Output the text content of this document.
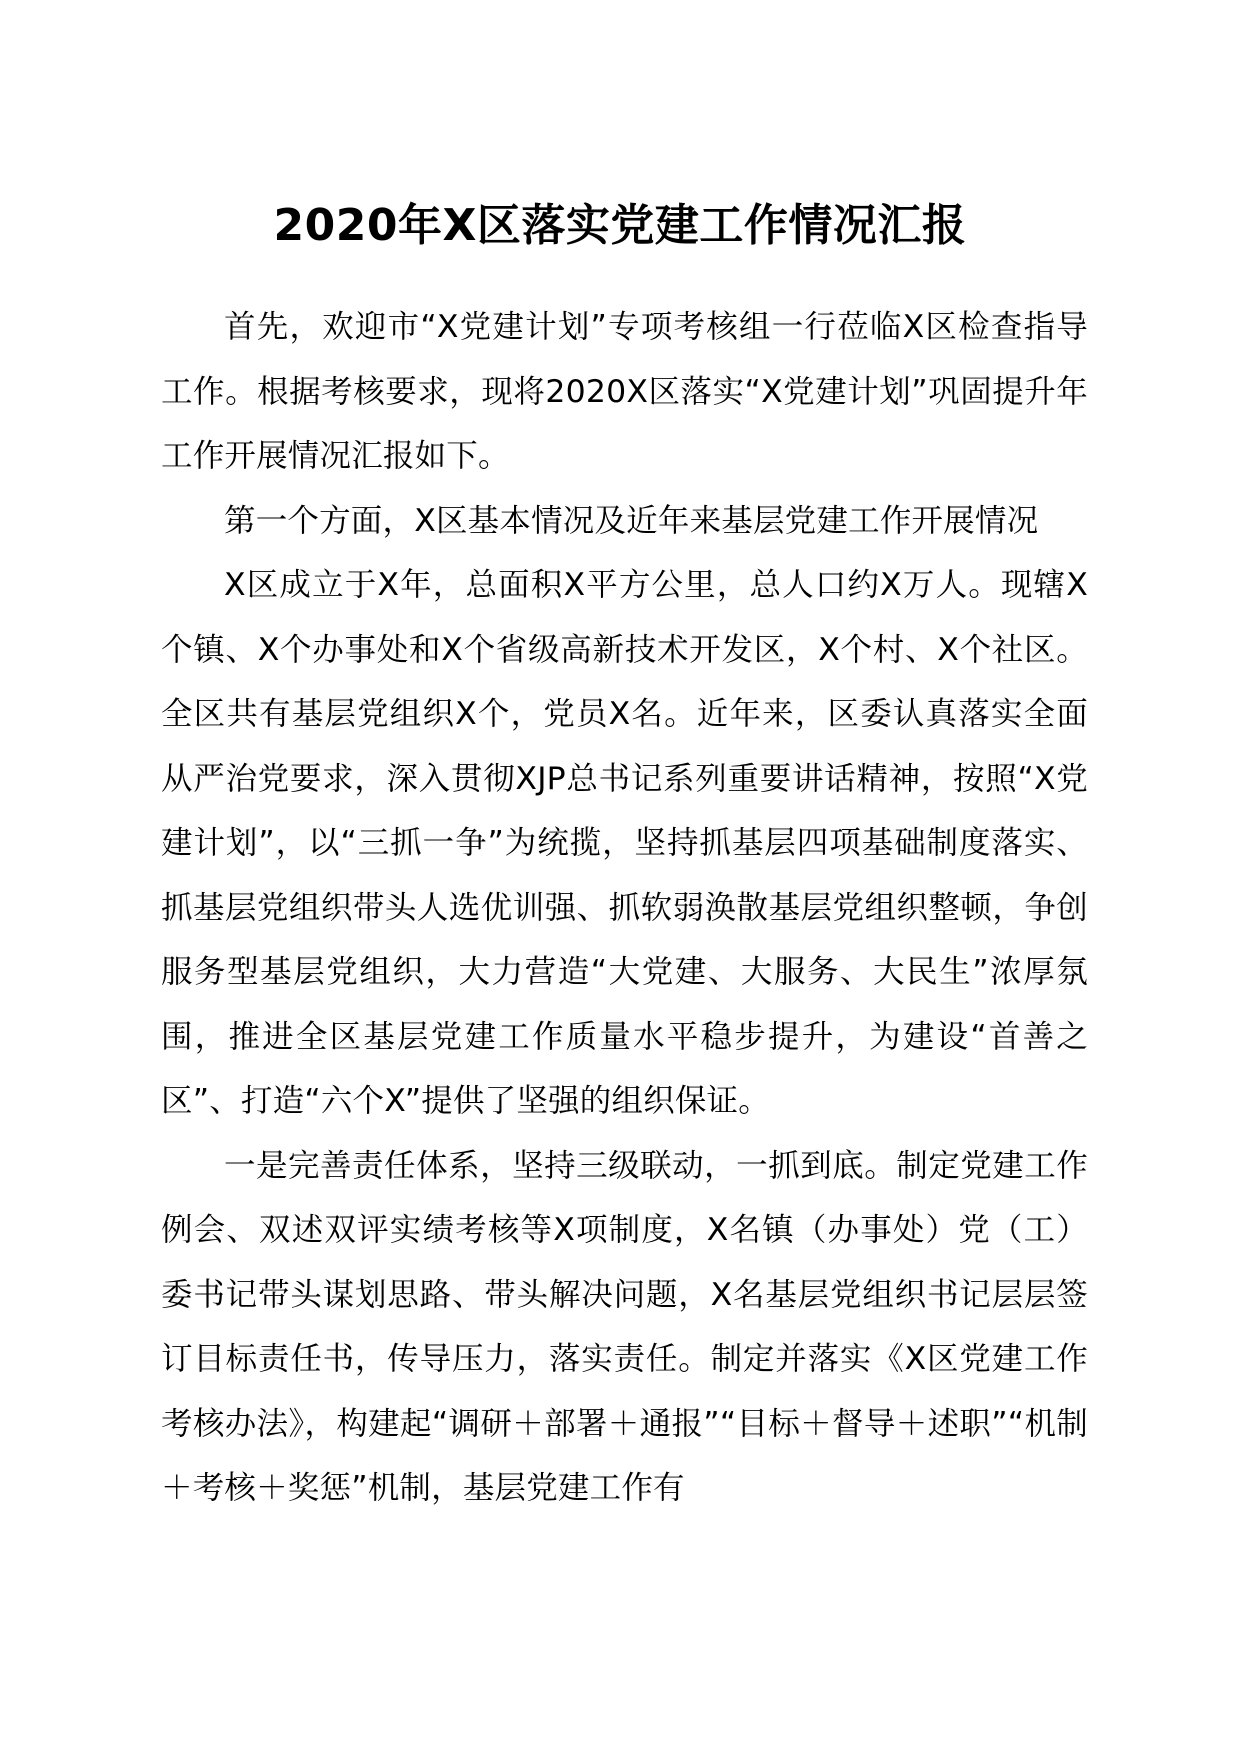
2020年X区落实党建工作情况汇报

首先，欢迎市“X党建计划”专项考核组一行莅临X区检查指导工作。根据考核要求，现将2020X区落实“X党建计划”巩固提升年工作开展情况汇报如下。

第一个方面，X区基本情况及近年来基层党建工作开展情况

X区成立于X年，总面积X平方公里，总人口约X万人。现辖X个镇、X个办事处和X个省级高新技术开发区，X个村、X个社区。全区共有基层党组织X个，党员X名。近年来，区委认真落实全面从严治党要求，深入贯彻XJP总书记系列重要讲话精神，按照“X党建计划”，以“三抓一争”为统揽，坚持抓基层四项基础制度落实、抓基层党组织带头人选优训强、抓软弱涣散基层党组织整顿，争创服务型基层党组织，大力营造“大党建、大服务、大民生”浓厚氛围，推进全区基层党建工作质量水平稳步提升，为建设“首善之区”、打造“六个X”提供了坚强的组织保证。

一是完善责任体系，坚持三级联动，一抓到底。制定党建工作例会、双述双评实绩考核等X项制度，X名镇（办事处）党（工）委书记带头谋划思路、带头解决问题，X名基层党组织书记层层签订目标责任书，传导压力，落实责任。制定并落实《X区党建工作考核办法》，构建起“调研＋部署＋通报”“目标＋督导＋述职”“机制＋考核＋奖惩”机制，基层党建工作有
